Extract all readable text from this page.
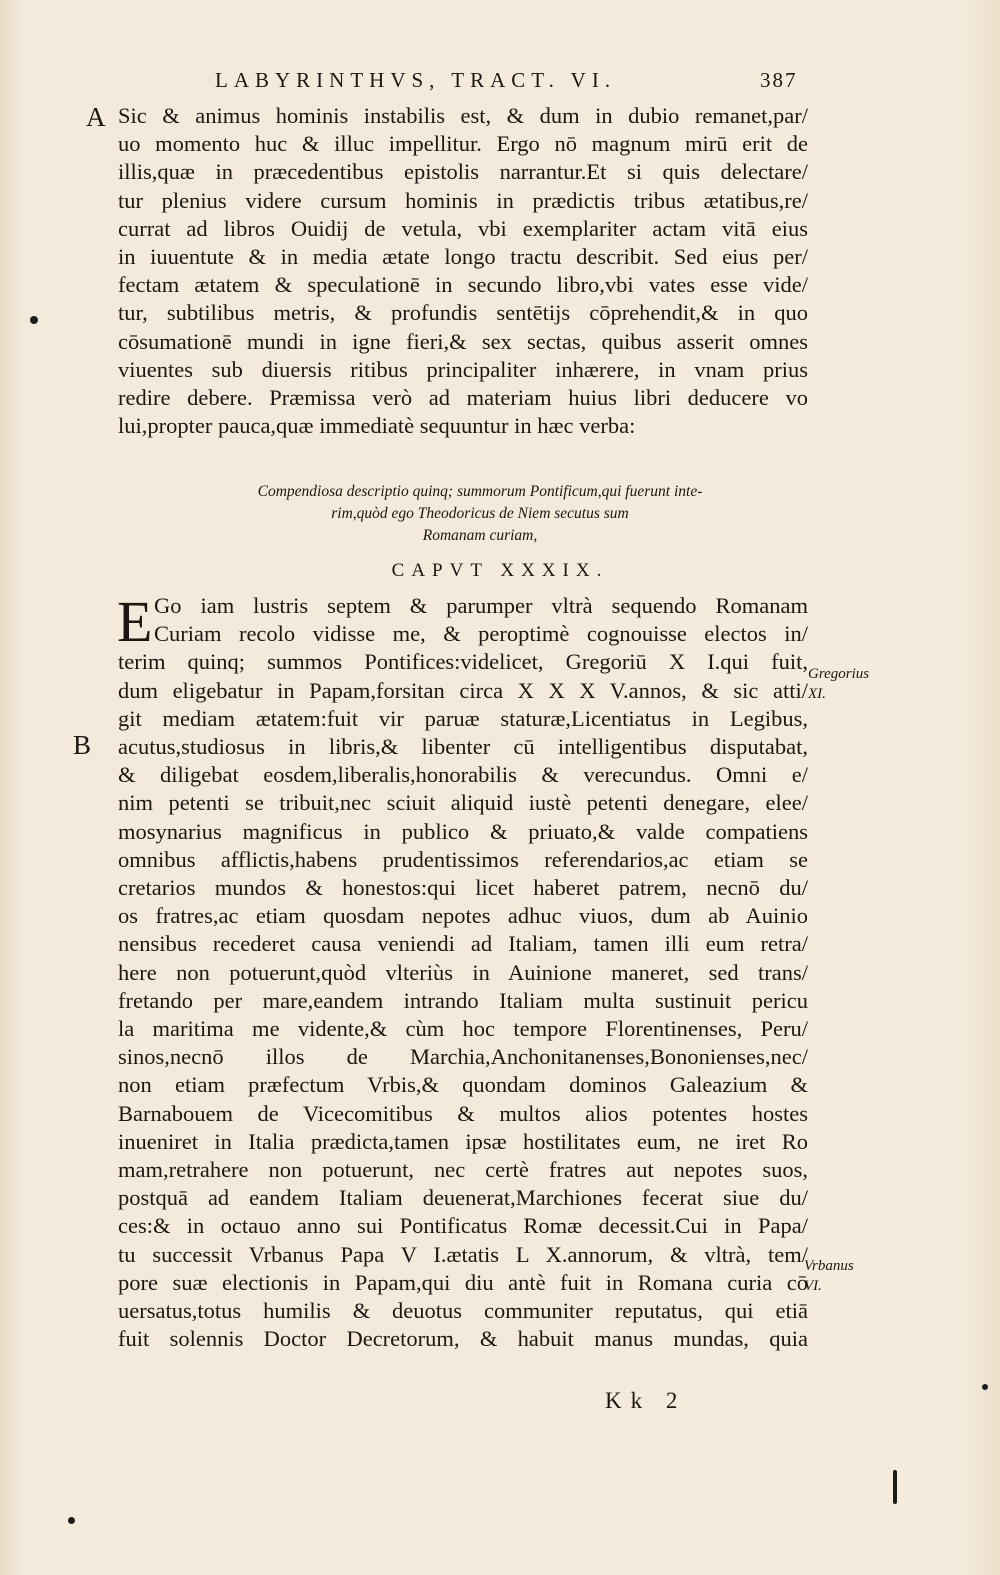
LABYRINTHVS, TRACT. VI.	387
A
B
Sic & animus hominis instabilis est, & dum in dubio remanet,par/
uo momento huc & illuc impellitur. Ergo nō magnum mirū erit de
illis,quæ in præcedentibus epistolis narrantur.Et si quis delectare/
tur plenius videre cursum hominis in prædictis tribus ætatibus,re/
currat ad libros Ouidij de vetula, vbi exemplariter actam vitā eius
in iuuentute & in media ætate longo tractu describit. Sed eius per/
fectam ætatem & speculationē in secundo libro,vbi vates esse vide/
tur, subtilibus metris, & profundis sentētijs cōprehendit,& in quo
cōsumationē mundi in igne fieri,& sex sectas, quibus asserit omnes
viuentes sub diuersis ritibus principaliter inhærere, in vnam prius
redire debere. Præmissa verò ad materiam huius libri deducere vo
lui,propter pauca,quæ immediatè sequuntur in hæc verba:
Compendiosa descriptio quinq; summorum Pontificum,qui fuerunt inte-
rim,quòd ego Theodoricus de Niem secutus sum
Romanam curiam,
CAPVT XXXIX.
E Go iam lustris septem & parumper vltrà sequendo Romanam
Curiam recolo vidisse me, & peroptimè cognouisse electos in/
terim quinq; summos Pontifices:videlicet, Gregoriū X I.qui fuit,
dum eligebatur in Papam,forsitan circa X X X V.annos, & sic atti/
git mediam ætatem:fuit vir paruæ staturæ,Licentiatus in Legibus,
acutus,studiosus in libris,& libenter cū intelligentibus disputabat,
& diligebat eosdem,liberalis,honorabilis & verecundus. Omni e/
nim petenti se tribuit,nec sciuit aliquid iustè petenti denegare, elee/
mosynarius magnificus in publico & priuato,& valde compatiens
omnibus afflictis,habens prudentissimos referendarios,ac etiam se
cretarios mundos & honestos:qui licet haberet patrem, necnō du/
os fratres,ac etiam quosdam nepotes adhuc viuos, dum ab Auinio
nensibus recederet causa veniendi ad Italiam, tamen illi eum retra/
here non potuerunt,quòd vlteriùs in Auinione maneret, sed trans/
fretando per mare,eandem intrando Italiam multa sustinuit pericu
la maritima me vidente,& cùm hoc tempore Florentinenses, Peru/
sinos,necnō illos de Marchia,Anchonitanenses,Bononienses,nec/
non etiam præfectum Vrbis,& quondam dominos Galeazium &
Barnabouem de Vicecomitibus & multos alios potentes hostes
inueniret in Italia prædicta,tamen ipsæ hostilitates eum, ne iret Ro
mam,retrahere non potuerunt, nec certè fratres aut nepotes suos,
postquā ad eandem Italiam deuenerat,Marchiones fecerat siue du/
ces:& in octauo anno sui Pontificatus Romæ decessit.Cui in Papa/
tu successit Vrbanus Papa V I.ætatis L X.annorum, & vltrà, tem/
pore suæ electionis in Papam,qui diu antè fuit in Romana curia cō
uersatus,totus humilis & deuotus communiter reputatus, qui etiā
fuit solennis Doctor Decretorum, & habuit manus mundas, quia
Gregorius
XI.
Vrbanus
VI.
Kk 2
